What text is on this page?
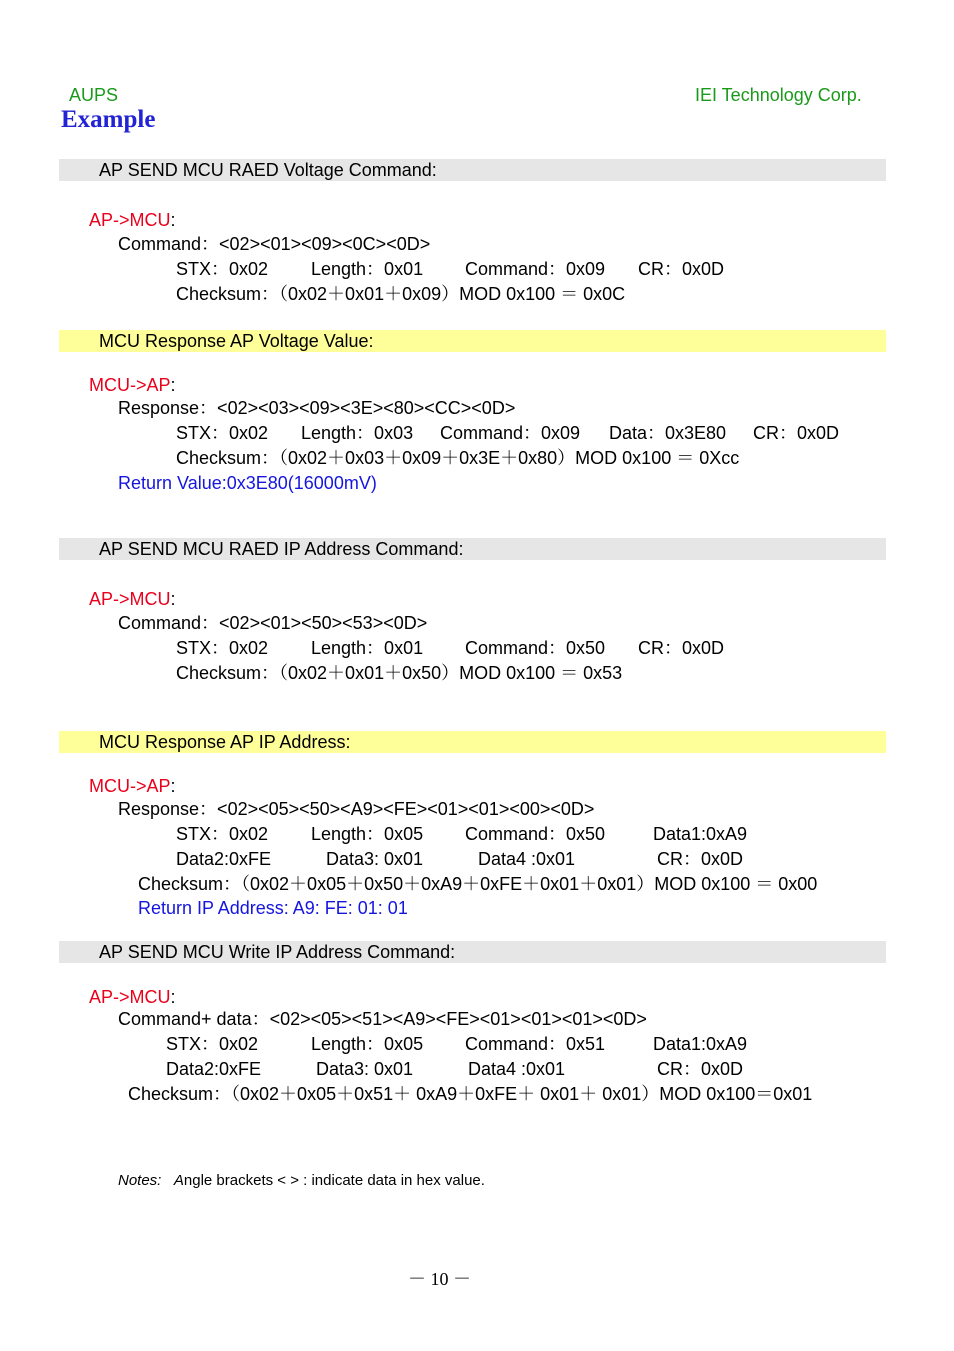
AUPS	IEI Technology Corp.
Example
AP SEND MCU RAED Voltage Command:
AP->MCU:
Command：<02><01><09><0C><0D>
STX：0x02 Length：0x01 Command：0x09 CR：0x0D
Checksum：（0x02＋0x01＋0x09）MOD 0x100 ＝ 0x0C
MCU Response AP Voltage Value:
MCU->AP:
Response：<02><03><09><3E><80><CC><0D>
STX：0x02 Length：0x03 Command：0x09 Data：0x3E80 CR：0x0D
Checksum：（0x02＋0x03＋0x09＋0x3E＋0x80）MOD 0x100 ＝ 0Xcc
Return Value:0x3E80(16000mV)
AP SEND MCU RAED IP Address Command:
AP->MCU:
Command：<02><01><50><53><0D>
STX：0x02 Length：0x01 Command：0x50 CR：0x0D
Checksum：（0x02＋0x01＋0x50）MOD 0x100 ＝ 0x53
MCU Response AP IP Address:
MCU->AP:
Response：<02><05><50><A9><FE><01><01><00><0D>
STX：0x02 Length：0x05 Command：0x50	Data1:0xA9
Data2:0xFE	Data3: 0x01	Data4 :0x01	CR：0x0D
Checksum：（0x02＋0x05＋0x50＋0xA9＋0xFE＋0x01＋0x01）MOD 0x100 ＝ 0x00
Return IP Address: A9: FE: 01: 01
AP SEND MCU Write IP Address Command:
AP->MCU:
Command+ data：<02><05><51><A9><FE><01><01><01><0D>
STX：0x02	Length：0x05 Command：0x51	Data1:0xA9
Data2:0xFE	Data3: 0x01	Data4 :0x01	CR：0x0D
Checksum：（0x02＋0x05＋0x51＋ 0xA9＋0xFE＋ 0x01＋ 0x01）MOD 0x100＝0x01
Notes: Angle brackets < > : indicate data in hex value.
－ 10 －
